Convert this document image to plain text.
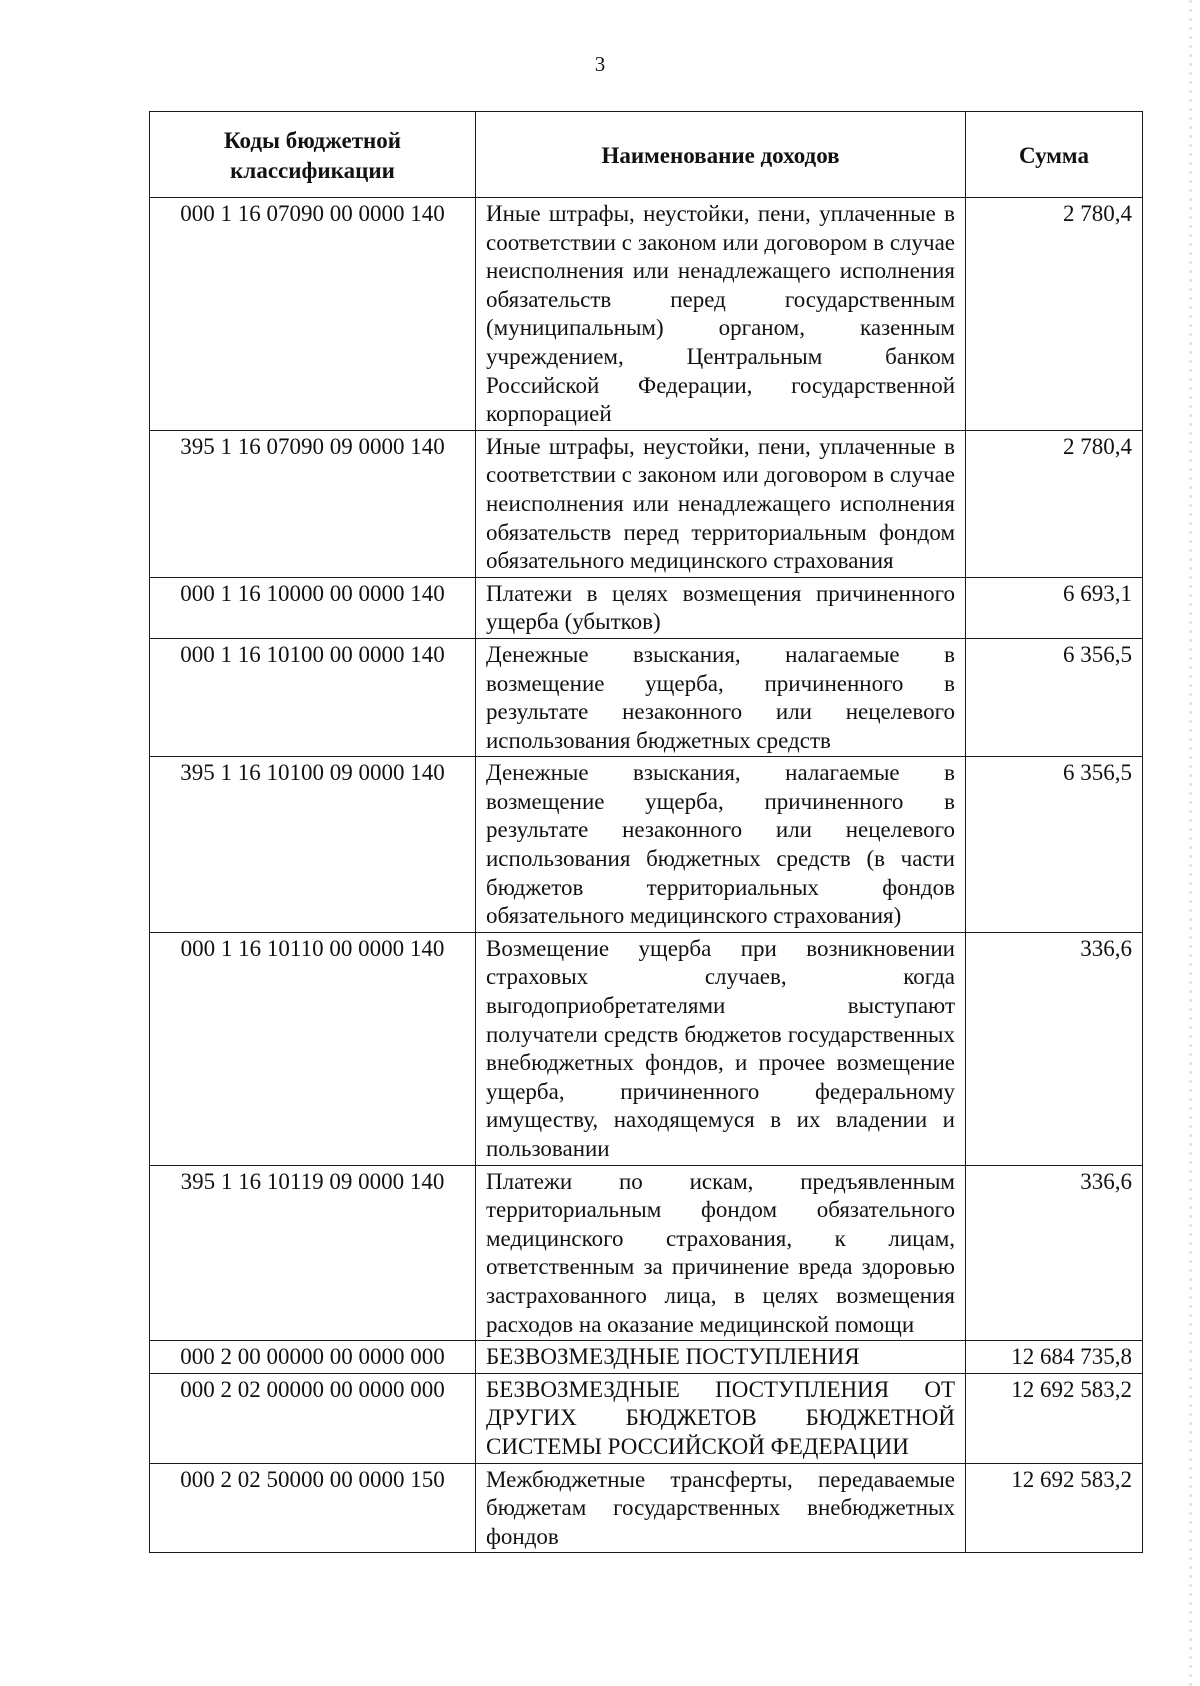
3
Коды бюджетной классификации	Наименование доходов	Сумма
000 1 16 07090 00 0000 140	Иные штрафы, неустойки, пени, уплаченные в соответствии с законом или договором в случае неисполнения или ненадлежащего исполнения обязательств перед государственным (муниципальным) органом, казенным учреждением, Центральным банком Российской Федерации, государственной корпорацией	2 780,4
395 1 16 07090 09 0000 140	Иные штрафы, неустойки, пени, уплаченные в соответствии с законом или договором в случае неисполнения или ненадлежащего исполнения обязательств перед территориальным фондом обязательного медицинского страхования	2 780,4
000 1 16 10000 00 0000 140	Платежи в целях возмещения причиненного ущерба (убытков)	6 693,1
000 1 16 10100 00 0000 140	Денежные взыскания, налагаемые в возмещение ущерба, причиненного в результате незаконного или нецелевого использования бюджетных средств	6 356,5
395 1 16 10100 09 0000 140	Денежные взыскания, налагаемые в возмещение ущерба, причиненного в результате незаконного или нецелевого использования бюджетных средств (в части бюджетов территориальных фондов обязательного медицинского страхования)	6 356,5
000 1 16 10110 00 0000 140	Возмещение ущерба при возникновении страховых случаев, когда выгодоприобретателями выступают получатели средств бюджетов государственных внебюджетных фондов, и прочее возмещение ущерба, причиненного федеральному имуществу, находящемуся в их владении и пользовании	336,6
395 1 16 10119 09 0000 140	Платежи по искам, предъявленным территориальным фондом обязательного медицинского страхования, к лицам, ответственным за причинение вреда здоровью застрахованного лица, в целях возмещения расходов на оказание медицинской помощи	336,6
000 2 00 00000 00 0000 000	БЕЗВОЗМЕЗДНЫЕ ПОСТУПЛЕНИЯ	12 684 735,8
000 2 02 00000 00 0000 000	БЕЗВОЗМЕЗДНЫЕ ПОСТУПЛЕНИЯ ОТ ДРУГИХ БЮДЖЕТОВ БЮДЖЕТНОЙ СИСТЕМЫ РОССИЙСКОЙ ФЕДЕРАЦИИ	12 692 583,2
000 2 02 50000 00 0000 150	Межбюджетные трансферты, передаваемые бюджетам государственных внебюджетных фондов	12 692 583,2
